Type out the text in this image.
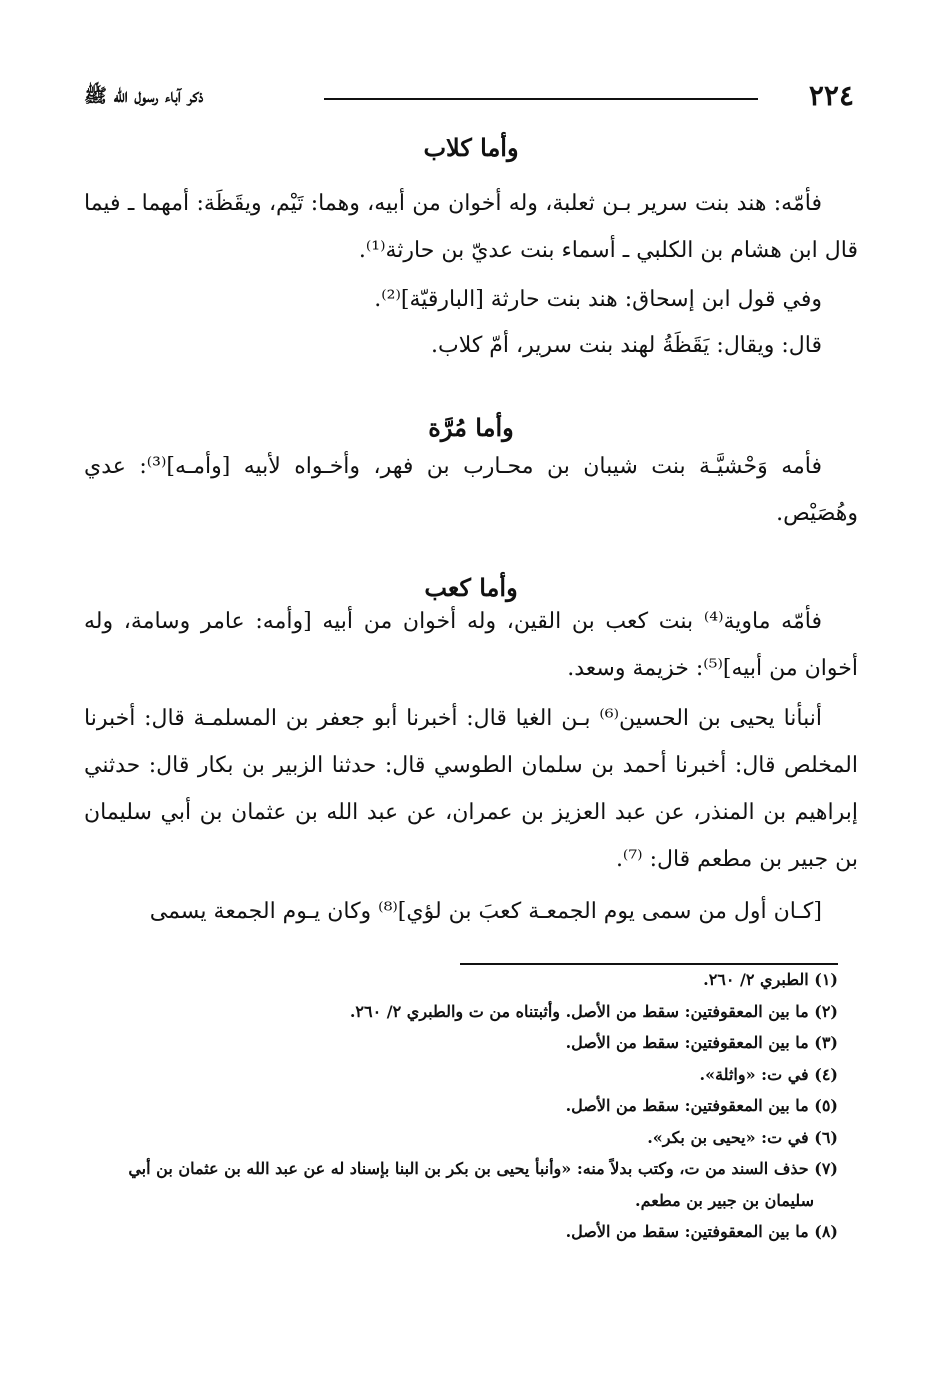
٢٢٤
ذكر آباء رسول الله ﷺ
وأما كلاب
فأمّه: هند بنت سرير بـن ثعلبة، وله أخوان من أبيه، وهما: تَيْم، ويقَظَة: أمهما ـ فيما قال ابن هشام بن الكلبي ـ أسماء بنت عديّ بن حارثة⁽¹⁾.
وفي قول ابن إسحاق: هند بنت حارثة [البارقيّة]⁽²⁾.
قال: ويقال: يَقَظَةُ لهند بنت سرير، أمّ كلاب.
وأما مُرَّة
فأمه وَحْشيَّـة بنت شيبان بن محـارب بن فهر، وأخـواه لأبيه [وأمـه]⁽³⁾: عدي وهُصَيْص.
وأما كعب
فأمّه ماوية⁽⁴⁾ بنت كعب بن القين، وله أخوان من أبيه [وأمه: عامر وسامة، وله أخوان من أبيه]⁽⁵⁾: خزيمة وسعد.
أنبأنا يحيى بن الحسين⁽⁶⁾ بـن الغيا قال: أخبرنا أبو جعفر بن المسلمـة قال: أخبرنا المخلص قال: أخبرنا أحمد بن سلمان الطوسي قال: حدثنا الزبير بن بكار قال: حدثني إبراهيم بن المنذر، عن عبد العزيز بن عمران، عن عبد الله بن عثمان بن أبي سليمان بن جبير بن مطعم قال: ⁽⁷⁾.
[كـان أول من سمى يوم الجمعـة كعبَ بن لؤي]⁽⁸⁾ وكان يـوم الجمعة يسمى

(١) الطبري ٢/ ٢٦٠.

(٢) ما بين المعقوفتين: سقط من الأصل. وأثبتناه من ت والطبري ٢/ ٢٦٠.

(٣) ما بين المعقوفتين: سقط من الأصل.

(٤) في ت: «واثلة».

(٥) ما بين المعقوفتين: سقط من الأصل.

(٦) في ت: «يحيى بن بكر».

(٧) حذف السند من ت، وكتب بدلاً منه: «وأنبأ يحيى بن بكر بن البنا بإسناد له عن عبد الله بن عثمان بن أبي

سليمان بن جبير بن مطعم.

(٨) ما بين المعقوفتين: سقط من الأصل.
